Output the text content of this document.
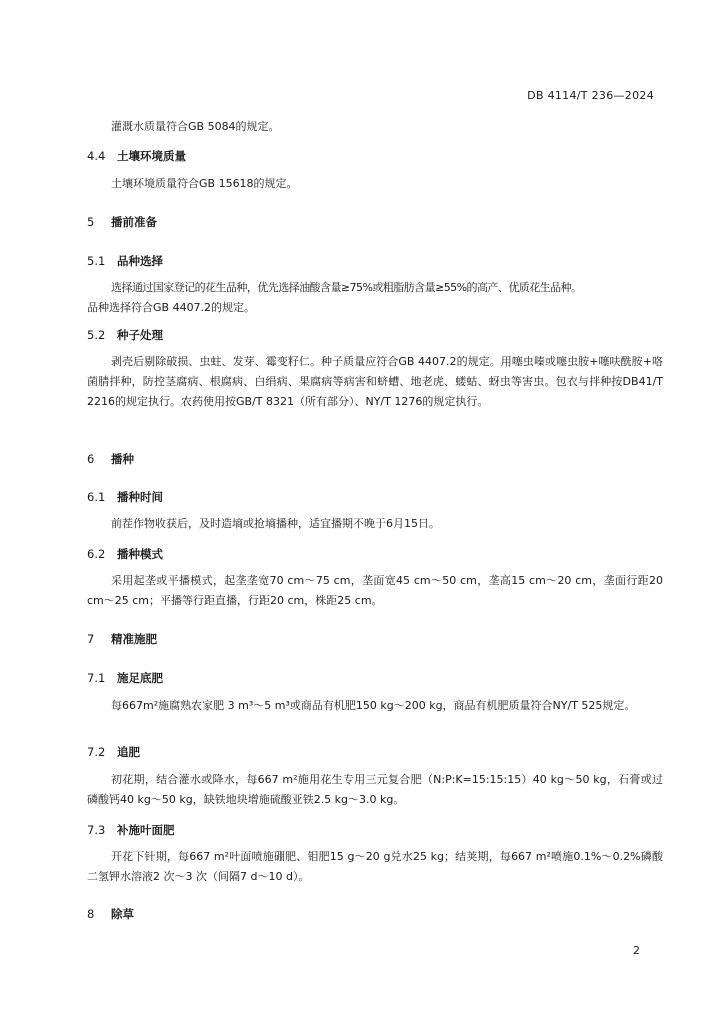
DB 4114/T 236—2024

灌溉水质量符合GB 5084的规定。

4.4 土壤环境质量

土壤环境质量符合GB 15618的规定。

5 播前准备
5.1 品种选择

选择通过国家登记的花生品种，优先选择油酸含量≥75%或粗脂肪含量≥55%的高产、优质花生品种。

品种选择符合GB 4407.2的规定。

5.2 种子处理

剥壳后剔除破损、虫蛀、发芽、霉变籽仁。种子质量应符合GB 4407.2的规定。用噻虫嗪或噻虫胺+噻呋酰胺+咯菌腈拌种，防控茎腐病、根腐病、白绢病、果腐病等病害和蛴螬、地老虎、蝼蛄、蚜虫等害虫。包衣与拌种按DB41/T 2216的规定执行。农药使用按GB/T 8321（所有部分）、NY/T 1276的规定执行。

6 播种
6.1 播种时间

前茬作物收获后，及时造墒或抢墒播种，适宜播期不晚于6月15日。

6.2 播种模式

采用起垄或平播模式，起垄垄宽70 cm～75 cm，垄面宽45 cm～50 cm，垄高15 cm～20 cm，垄面行距20 cm～25 cm；平播等行距直播，行距20 cm，株距25 cm。

7 精准施肥
7.1 施足底肥

每667m²施腐熟农家肥 3 m³～5 m³或商品有机肥150 kg～200 kg，商品有机肥质量符合NY/T 525规定。

7.2 追肥

初花期，结合灌水或降水，每667 m²施用花生专用三元复合肥（N:P:K=15:15:15）40 kg～50 kg，石膏或过磷酸钙40 kg～50 kg，缺铁地块增施硫酸亚铁2.5 kg～3.0 kg。

7.3 补施叶面肥

开花下针期，每667 m²叶面喷施硼肥、钼肥15 g～20 g兑水25 kg；结荚期，每667 m²喷施0.1%～0.2%磷酸二氢钾水溶液2 次～3 次（间隔7 d～10 d）。

8 除草
2
